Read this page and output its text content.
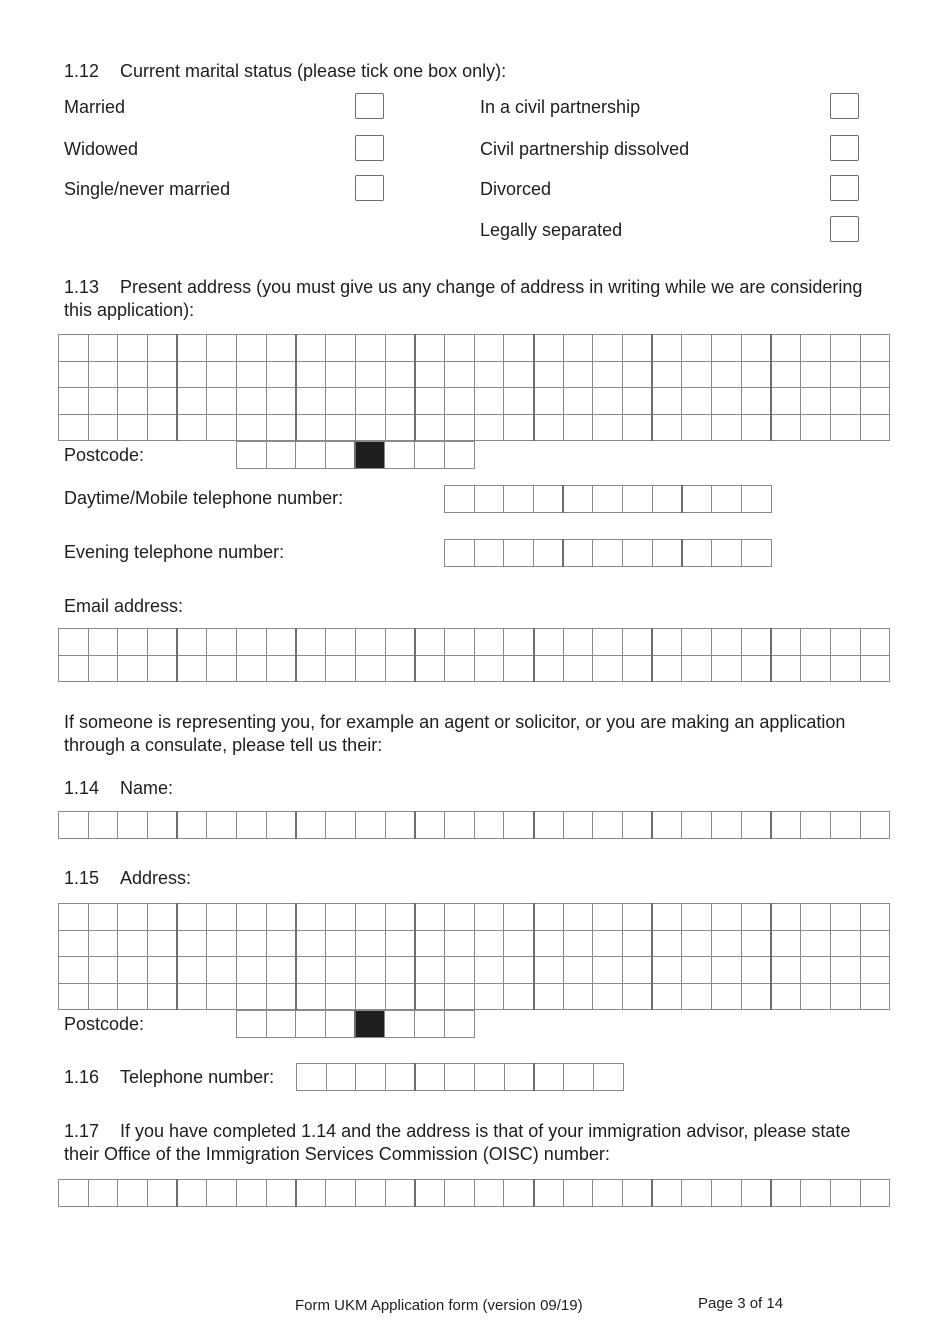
1.12 Current marital status (please tick one box only):
Married
Widowed
Single/never married
In a civil partnership
Civil partnership dissolved
Divorced
Legally separated
1.13 Present address (you must give us any change of address in writing while we are considering this application):

Postcode:

Daytime/Mobile telephone number:

Evening telephone number:

Email address:

If someone is representing you, for example an agent or solicitor, or you are making an application through a consulate, please tell us their:
1.14 Name:

1.15 Address:

Postcode:

1.16 Telephone number:

1.17 If you have completed 1.14 and the address is that of your immigration advisor, please state their Office of the Immigration Services Commission (OISC) number:

Form UKM Application form (version 09/19)	Page 3 of 14
